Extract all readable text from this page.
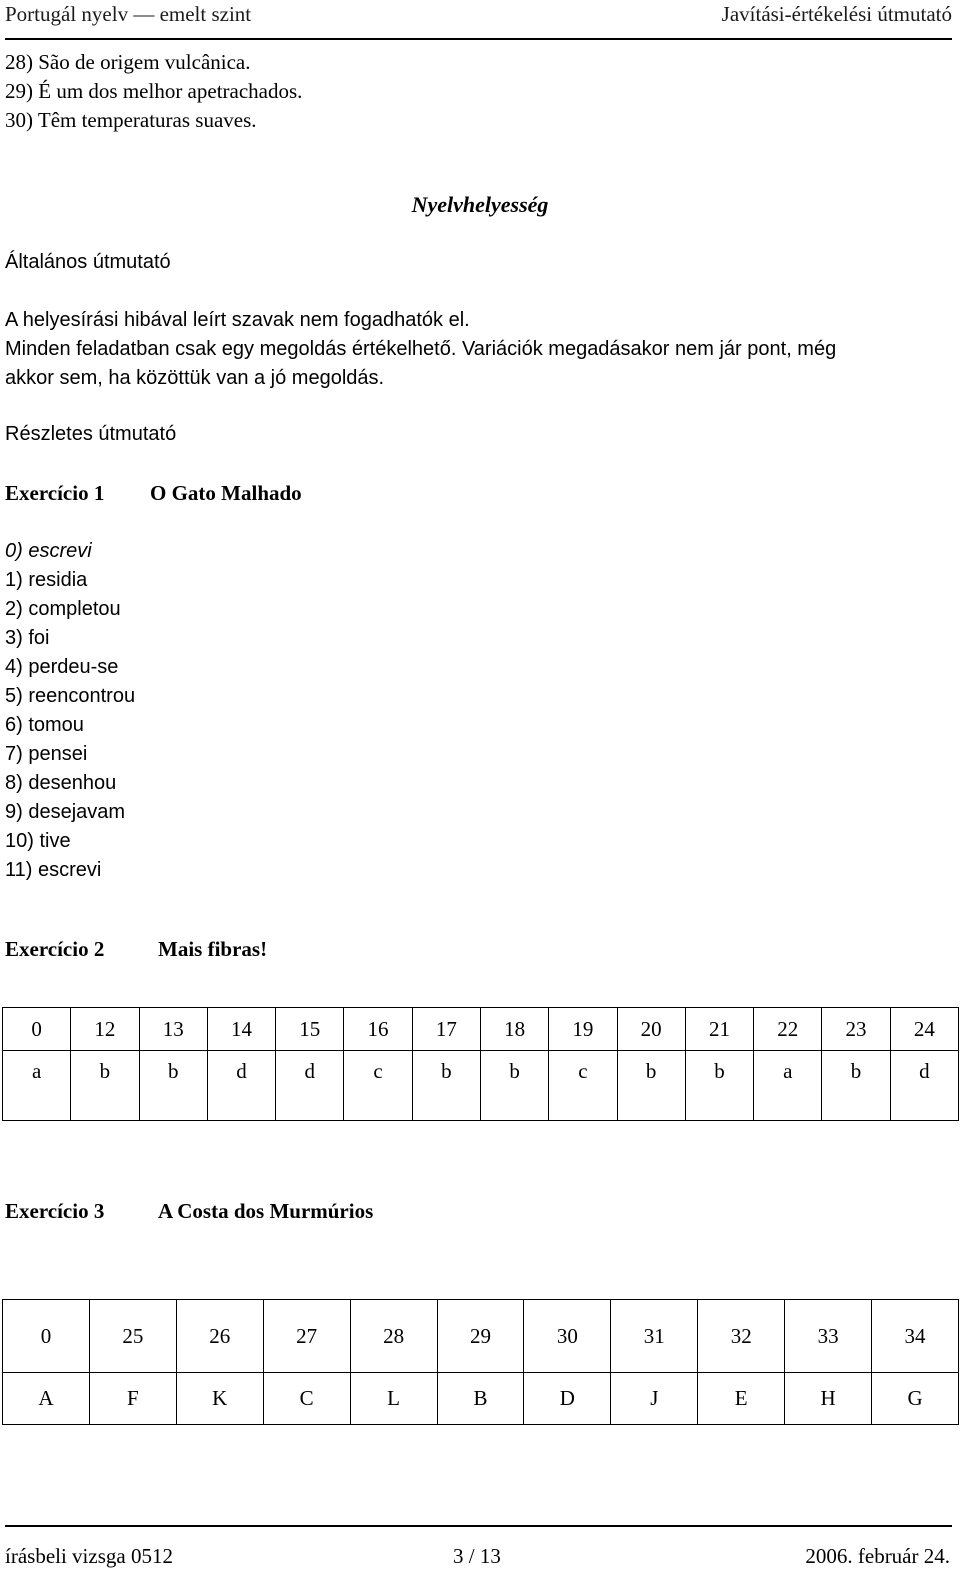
Portugál nyelv — emelt szint	Javítási-értékelési útmutató
28) São de origem vulcânica.
29) É um dos melhor apetrachados.
30) Têm temperaturas suaves.
Nyelvhelyesség
Általános útmutató
A helyesírási hibával leírt szavak nem fogadhatók el.
Minden feladatban csak egy megoldás értékelhető. Variációk megadásakor nem jár pont, még
akkor sem, ha közöttük van a jó megoldás.
Részletes útmutató
Exercício 1 O Gato Malhado
0) escrevi
1) residia
2) completou
3) foi
4) perdeu-se
5) reencontrou
6) tomou
7) pensei
8) desenhou
9) desejavam
10) tive
11) escrevi
Exercício 2	Mais fibras!
0	12	13	14	15	16	17	18	19	20	21	22	23	24
a	b	b	d	d	c	b	b	c	b	b	a	b	d
Exercício 3	A Costa dos Murmúrios
0	25	26	27	28	29	30	31	32	33	34
A	F	K	C	L	B	D	J	E	H	G
írásbeli vizsga 0512	3 / 13	2006. február 24.
